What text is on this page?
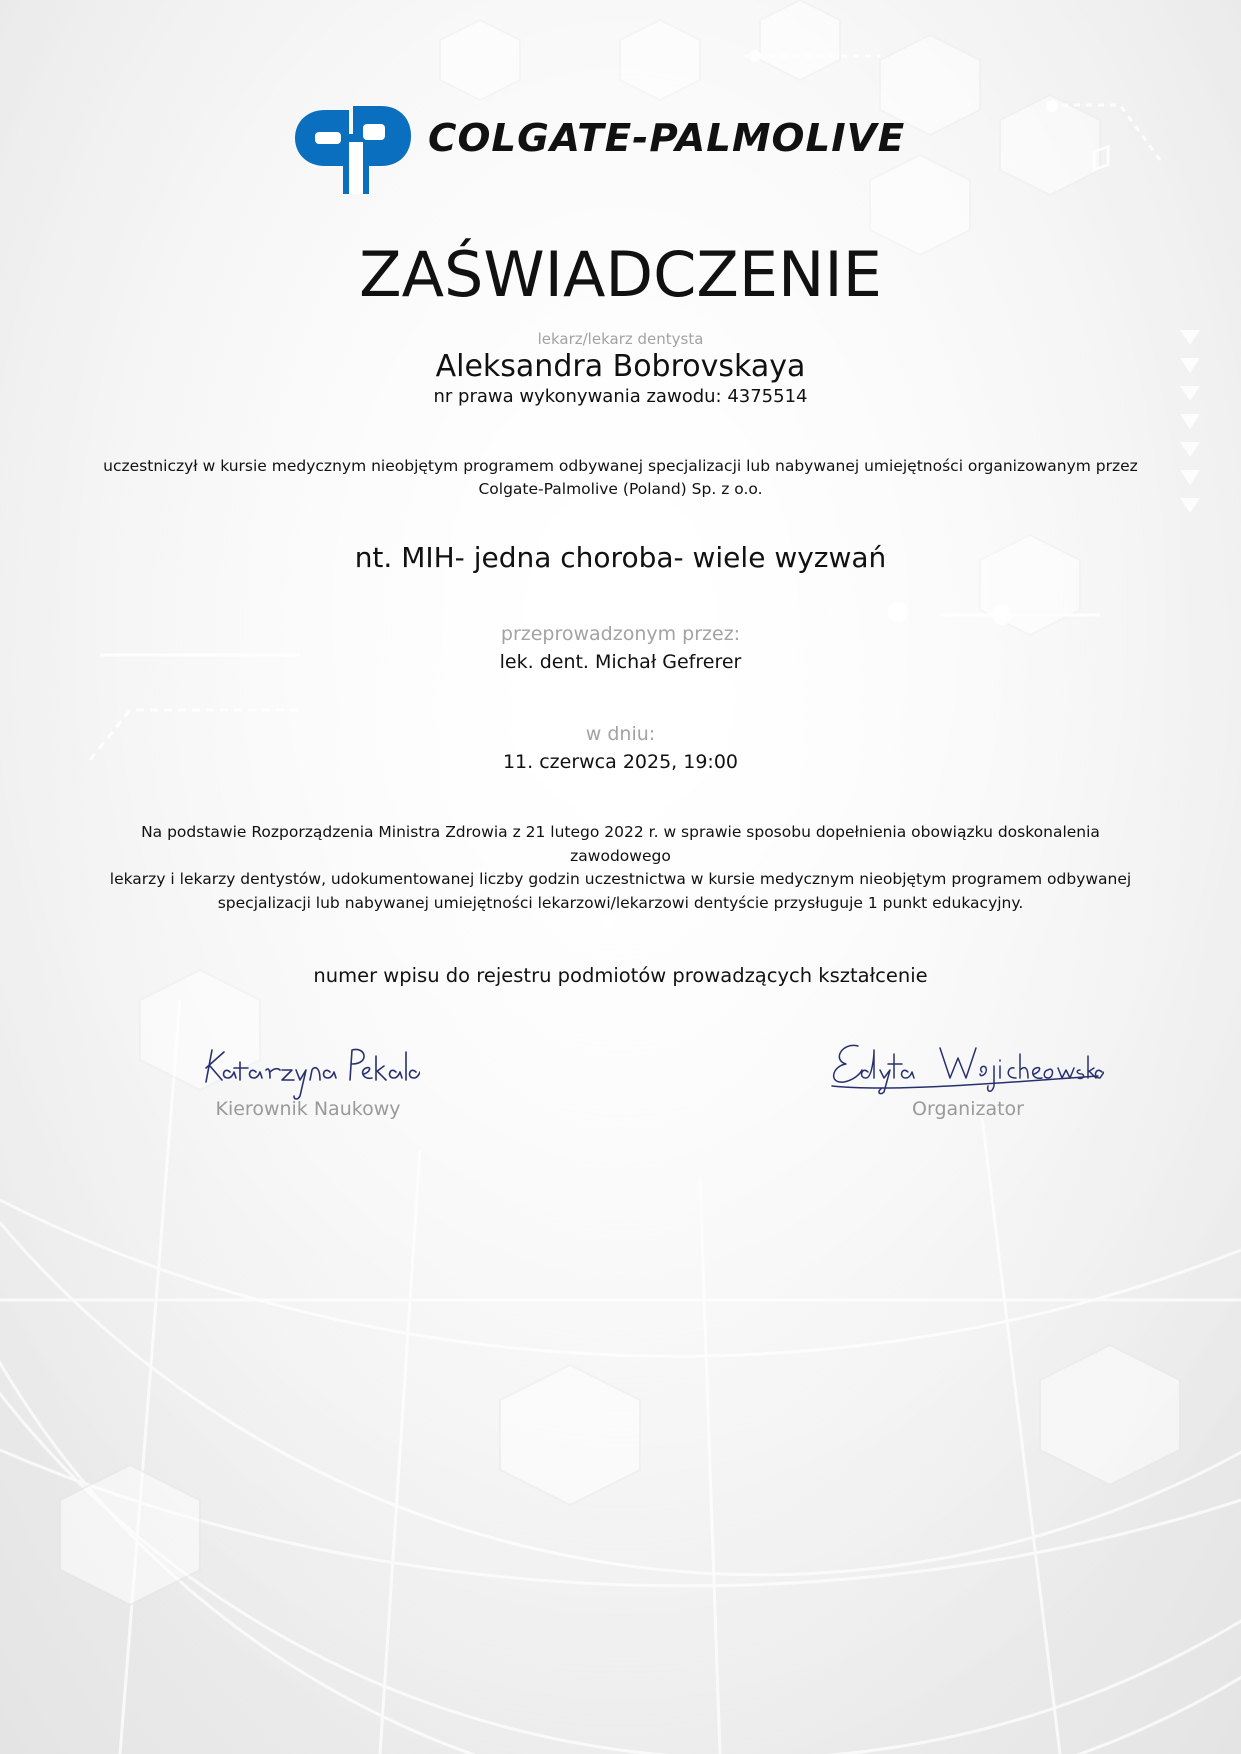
COLGATE-PALMOLIVE
ZAŚWIADCZENIE
lekarz/lekarz dentysta
Aleksandra Bobrovskaya
nr prawa wykonywania zawodu: 4375514
uczestniczył w kursie medycznym nieobjętym programem odbywanej specjalizacji lub nabywanej umiejętności organizowanym przez
Colgate-Palmolive (Poland) Sp. z o.o.
nt. MIH- jedna choroba- wiele wyzwań
przeprowadzonym przez:
lek. dent. Michał Gefrerer
w dniu:
11. czerwca 2025, 19:00
Na podstawie Rozporządzenia Ministra Zdrowia z 21 lutego 2022 r. w sprawie sposobu dopełnienia obowiązku doskonalenia zawodowego
lekarzy i lekarzy dentystów, udokumentowanej liczby godzin uczestnictwa w kursie medycznym nieobjętym programem odbywanej
specjalizacji lub nabywanej umiejętności lekarzowi/lekarzowi dentyście przysługuje 1 punkt edukacyjny.
numer wpisu do rejestru podmiotów prowadzących kształcenie
Kierownik Naukowy	Organizator
